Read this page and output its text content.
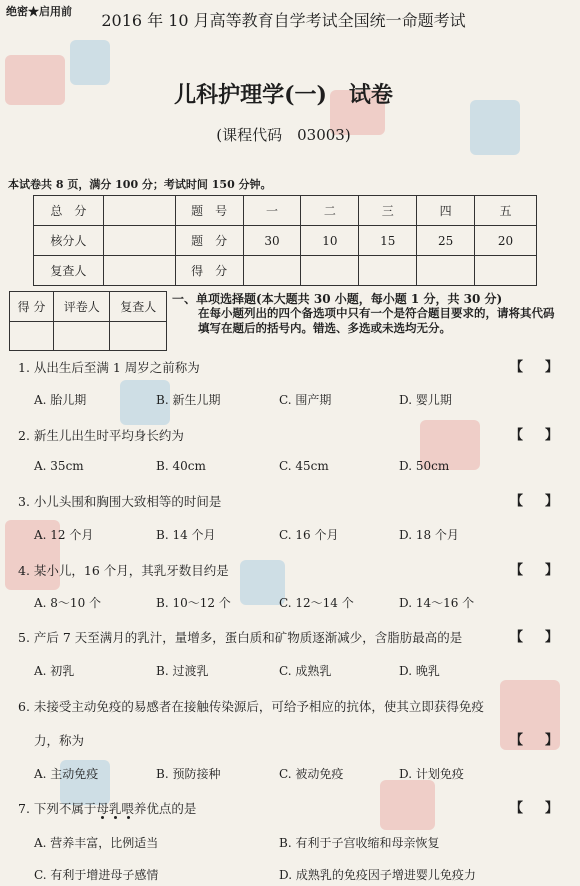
绝密★启用前	2016 年 10 月高等教育自学考试全国统一命题考试
儿科护理学(一)　试卷
(课程代码　03003)
本试卷共 8 页，满分 100 分；考试时间 150 分钟。
总　分		题　号	一	二	三	四	五
核分人		题　分	30	10	15	25	20
复查人		得　分					
得 分	评卷人	复查人

一、单项选择题(本大题共 30 小题，每小题 1 分，共 30 分)
在每小题列出的四个备选项中只有一个是符合题目要求的，请将其代码填写在题后的括号内。错选、多选或未选均无分。
1. 从出生后至满 1 周岁之前称为	【】
A. 胎儿期	B. 新生儿期	C. 围产期	D. 婴儿期
2. 新生儿出生时平均身长约为	【】
A. 35cm	B. 40cm	C. 45cm	D. 50cm
3. 小儿头围和胸围大致相等的时间是	【】
A. 12 个月	B. 14 个月	C. 16 个月	D. 18 个月
4. 某小儿，16 个月，其乳牙数目约是	【】
A. 8～10 个	B. 10～12 个	C. 12～14 个	D. 14～16 个
5. 产后 7 天至满月的乳汁，量增多，蛋白质和矿物质逐渐减少，含脂肪最高的是	【】
A. 初乳	B. 过渡乳	C. 成熟乳	D. 晚乳
6. 未接受主动免疫的易感者在接触传染源后，可给予相应的抗体，使其立即获得免疫
力，称为	【】
A. 主动免疫	B. 预防接种	C. 被动免疫	D. 计划免疫
7. 下列不属于母乳喂养优点的是	【】
A. 营养丰富，比例适当	B. 有利于子宫收缩和母亲恢复
C. 有利于增进母子感情	D. 成熟乳的免疫因子增进婴儿免疫力
